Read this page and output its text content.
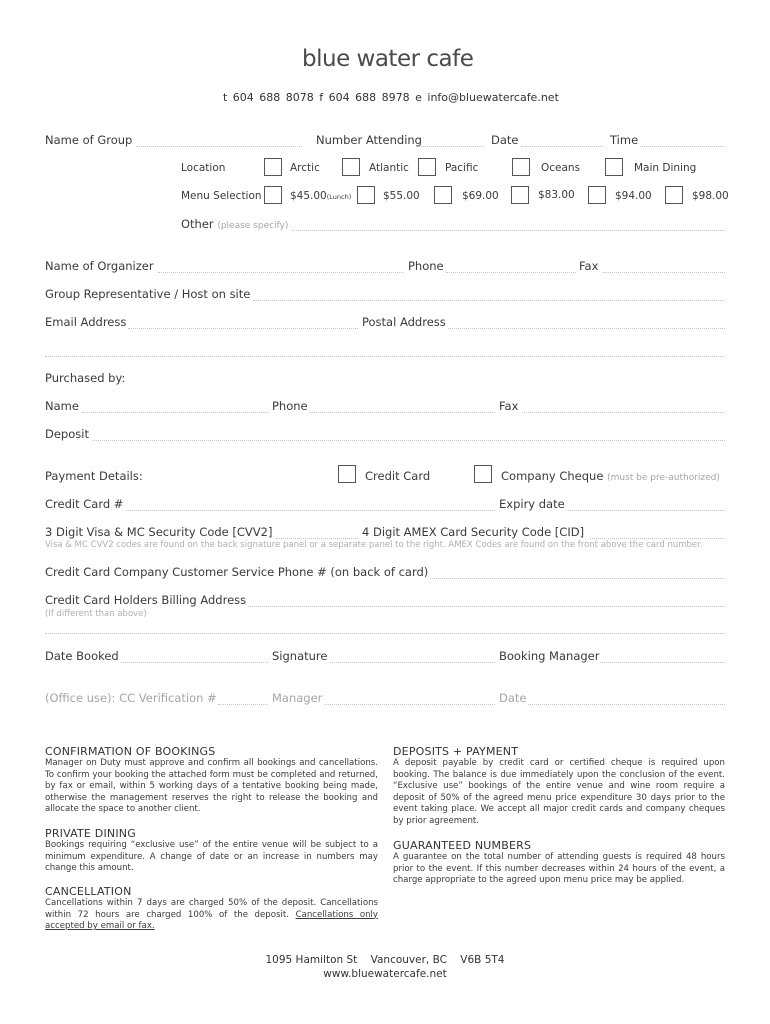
blue water cafe
t 604 688 8078 f 604 688 8978 e info@bluewatercafe.net
Name of Group	Number Attending	Date	Time
Location	Arctic	Atlantic	Pacific	Oceans	Main Dining
Menu Selection	$45.00(Lunch)	$55.00	$69.00	$83.00	$94.00	$98.00
Other (please specify)
Name of Organizer	Phone	Fax
Group Representative / Host on site
Email Address	Postal Address
Purchased by:
Name	Phone	Fax
Deposit
Payment Details:	Credit Card	Company Cheque (must be pre-authorized)
Credit Card #	Expiry date
3 Digit Visa & MC Security Code [CVV2]	4 Digit AMEX Card Security Code [CID]
Visa & MC CVV2 codes are found on the back signature panel or a separate panel to the right. AMEX Codes are found on the front above the card number.
Credit Card Company Customer Service Phone # (on back of card)
Credit Card Holders Billing Address
(If different than above)
Date Booked	Signature	Booking Manager
(Office use): CC Verification #	Manager	Date
CONFIRMATION OF BOOKINGS
Manager on Duty must approve and confirm all bookings and cancellations. To confirm your booking the attached form must be completed and returned, by fax or email, within 5 working days of a tentative booking being made, otherwise the management reserves the right to release the booking and allocate the space to another client.
PRIVATE DINING
Bookings requiring “exclusive use” of the entire venue will be subject to a minimum expenditure. A change of date or an increase in numbers may change this amount.
CANCELLATION
Cancellations within 7 days are charged 50% of the deposit. Cancellations within 72 hours are charged 100% of the deposit. Cancellations only accepted by email or fax.
DEPOSITS + PAYMENT
A deposit payable by credit card or certified cheque is required upon booking. The balance is due immediately upon the conclusion of the event. “Exclusive use” bookings of the entire venue and wine room require a deposit of 50% of the agreed menu price expenditure 30 days prior to the event taking place. We accept all major credit cards and company cheques by prior agreement.
GUARANTEED NUMBERS
A guarantee on the total number of attending guests is required 48 hours prior to the event. If this number decreases within 24 hours of the event, a charge appropriate to the agreed upon menu price may be applied.
1095 Hamilton St    Vancouver, BC    V6B 5T4
www.bluewatercafe.net
